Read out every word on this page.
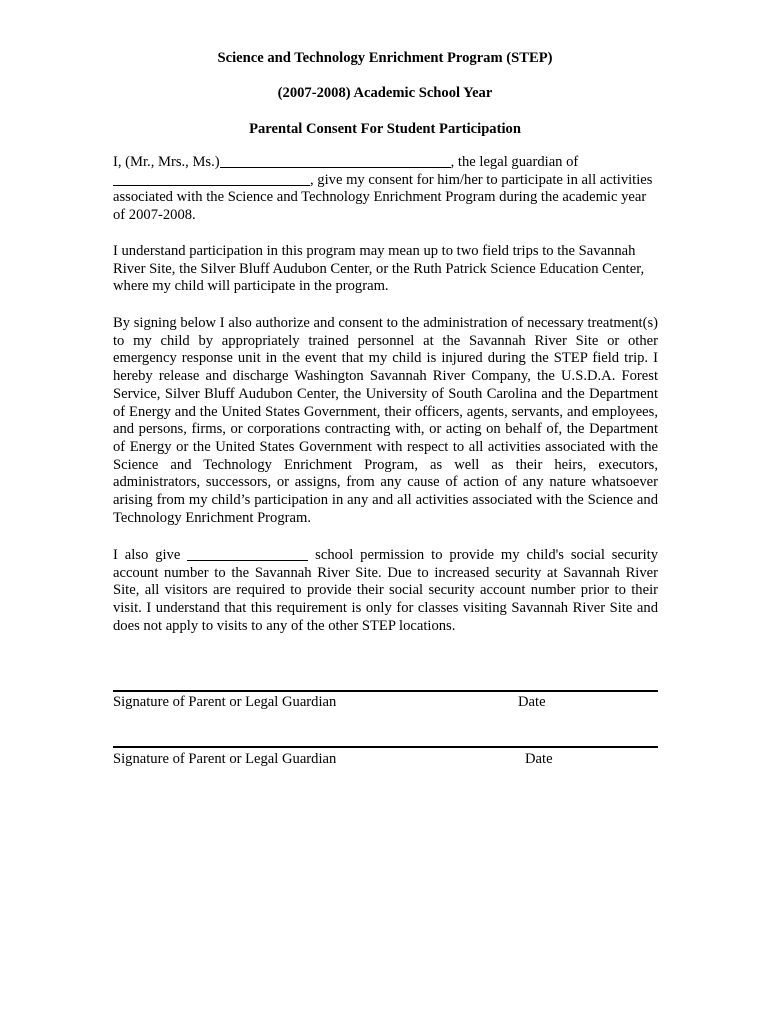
Science and Technology Enrichment Program (STEP)

(2007-2008) Academic School Year

Parental Consent For Student Participation

I, (Mr., Mrs., Ms.)	, the legal guardian of
, give my consent for him/her to participate in all activities associated with the Science and Technology Enrichment Program during the academic year of 2007-2008.

I understand participation in this program may mean up to two field trips to the Savannah River Site, the Silver Bluff Audubon Center, or the Ruth Patrick Science Education Center, where my child will participate in the program.

By signing below I also authorize and consent to the administration of necessary treatment(s) to my child by appropriately trained personnel at the Savannah River Site or other emergency response unit in the event that my child is injured during the STEP field trip. I hereby release and discharge Washington Savannah River Company, the U.S.D.A. Forest Service, Silver Bluff Audubon Center, the University of South Carolina and the Department of Energy and the United States Government, their officers, agents, servants, and employees, and persons, firms, or corporations contracting with, or acting on behalf of, the Department of Energy or the United States Government with respect to all activities associated with the Science and Technology Enrichment Program, as well as their heirs, executors, administrators, successors, or assigns, from any cause of action of any nature whatsoever arising from my child’s participation in any and all activities associated with the Science and Technology Enrichment Program.

I also give	school permission to provide my child's social security account number to the Savannah River Site. Due to increased security at Savannah River Site, all visitors are required to provide their social security account number prior to their visit. I understand that this requirement is only for classes visiting Savannah River Site and does not apply to visits to any of the other STEP locations.

Signature of Parent or Legal Guardian	Date

Signature of Parent or Legal Guardian	Date
